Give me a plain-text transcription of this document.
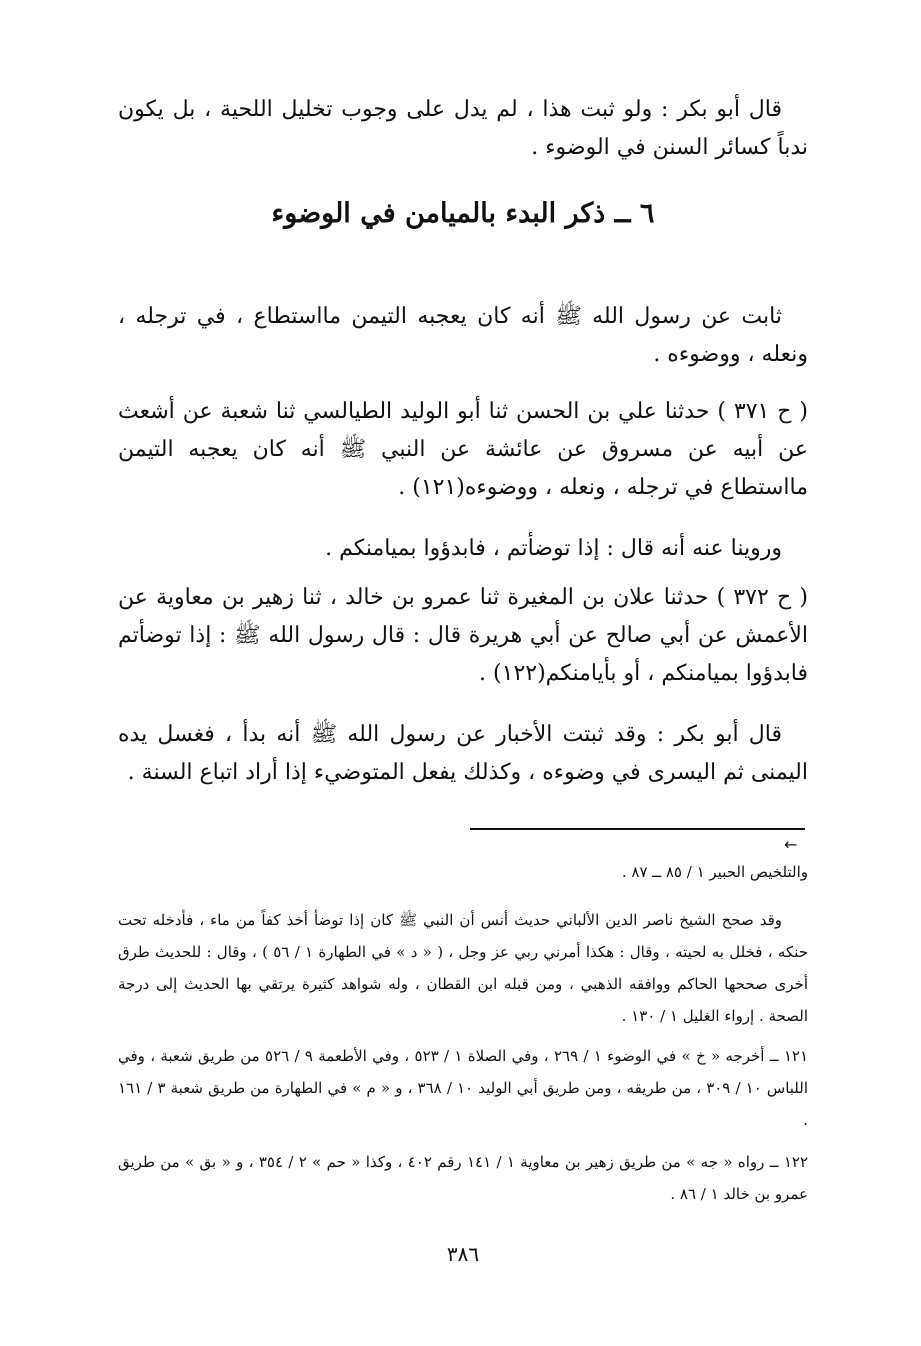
قال أبو بكر : ولو ثبت هذا ، لم يدل على وجوب تخليل اللحية ، بل يكون ندباً كسائر السنن في الوضوء .

٦ ــ ذكر البدء بالميامن في الوضوء

ثابت عن رسول الله ﷺ أنه كان يعجبه التيمن مااستطاع ، في ترجله ، ونعله ، ووضوءه .

( ح ٣٧١ ) حدثنا علي بن الحسن ثنا أبو الوليد الطيالسي ثنا شعبة عن أشعث عن أبيه عن مسروق عن عائشة عن النبي ﷺ أنه كان يعجبه التيمن مااستطاع في ترجله ، ونعله ، ووضوءه(١٢١) .

وروينا عنه أنه قال : إذا توضأتم ، فابدؤوا بميامنكم .

( ح ٣٧٢ ) حدثنا علان بن المغيرة ثنا عمرو بن خالد ، ثنا زهير بن معاوية عن الأعمش عن أبي صالح عن أبي هريرة قال : قال رسول الله ﷺ : إذا توضأتم فابدؤوا بميامنكم ، أو بأيامنكم(١٢٢) .

قال أبو بكر : وقد ثبتت الأخبار عن رسول الله ﷺ أنه بدأ ، فغسل يده اليمنى ثم اليسرى في وضوءه ، وكذلك يفعل المتوضيء إذا أراد اتباع السنة .

←

والتلخيص الحبير ١ / ٨٥ ــ ٨٧ .

وقد صحح الشيخ ناصر الدين الألباني حديث أنس أن النبي ﷺ كان إذا توضأ أخذ كفاً من ماء ، فأدخله تحت حنكه ، فخلل به لحيته ، وقال : هكذا أمرني ربي عز وجل ، ( « د » في الطهارة ١ / ٥٦ ) ، وقال : للحديث طرق أخرى صححها الحاكم ووافقه الذهبي ، ومن قبله ابن القطان ، وله شواهد كثيرة يرتقي بها الحديث إلى درجة الصحة . إرواء الغليل ١ / ١٣٠ .

١٢١ ــ أخرجه « خ » في الوضوء ١ / ٢٦٩ ، وفي الصلاة ١ / ٥٢٣ ، وفي الأطعمة ٩ / ٥٢٦ من طريق شعبة ، وفي اللباس ١٠ / ٣٠٩ ، من طريقه ، ومن طريق أبي الوليد ١٠ / ٣٦٨ ، و « م » في الطهارة من طريق شعبة ٣ / ١٦١ .

١٢٢ ــ رواه « جه » من طريق زهير بن معاوية ١ / ١٤١ رقم ٤٠٢ ، وكذا « حم » ٢ / ٣٥٤ ، و « بق » من طريق عمرو بن خالد ١ / ٨٦ .

٣٨٦
